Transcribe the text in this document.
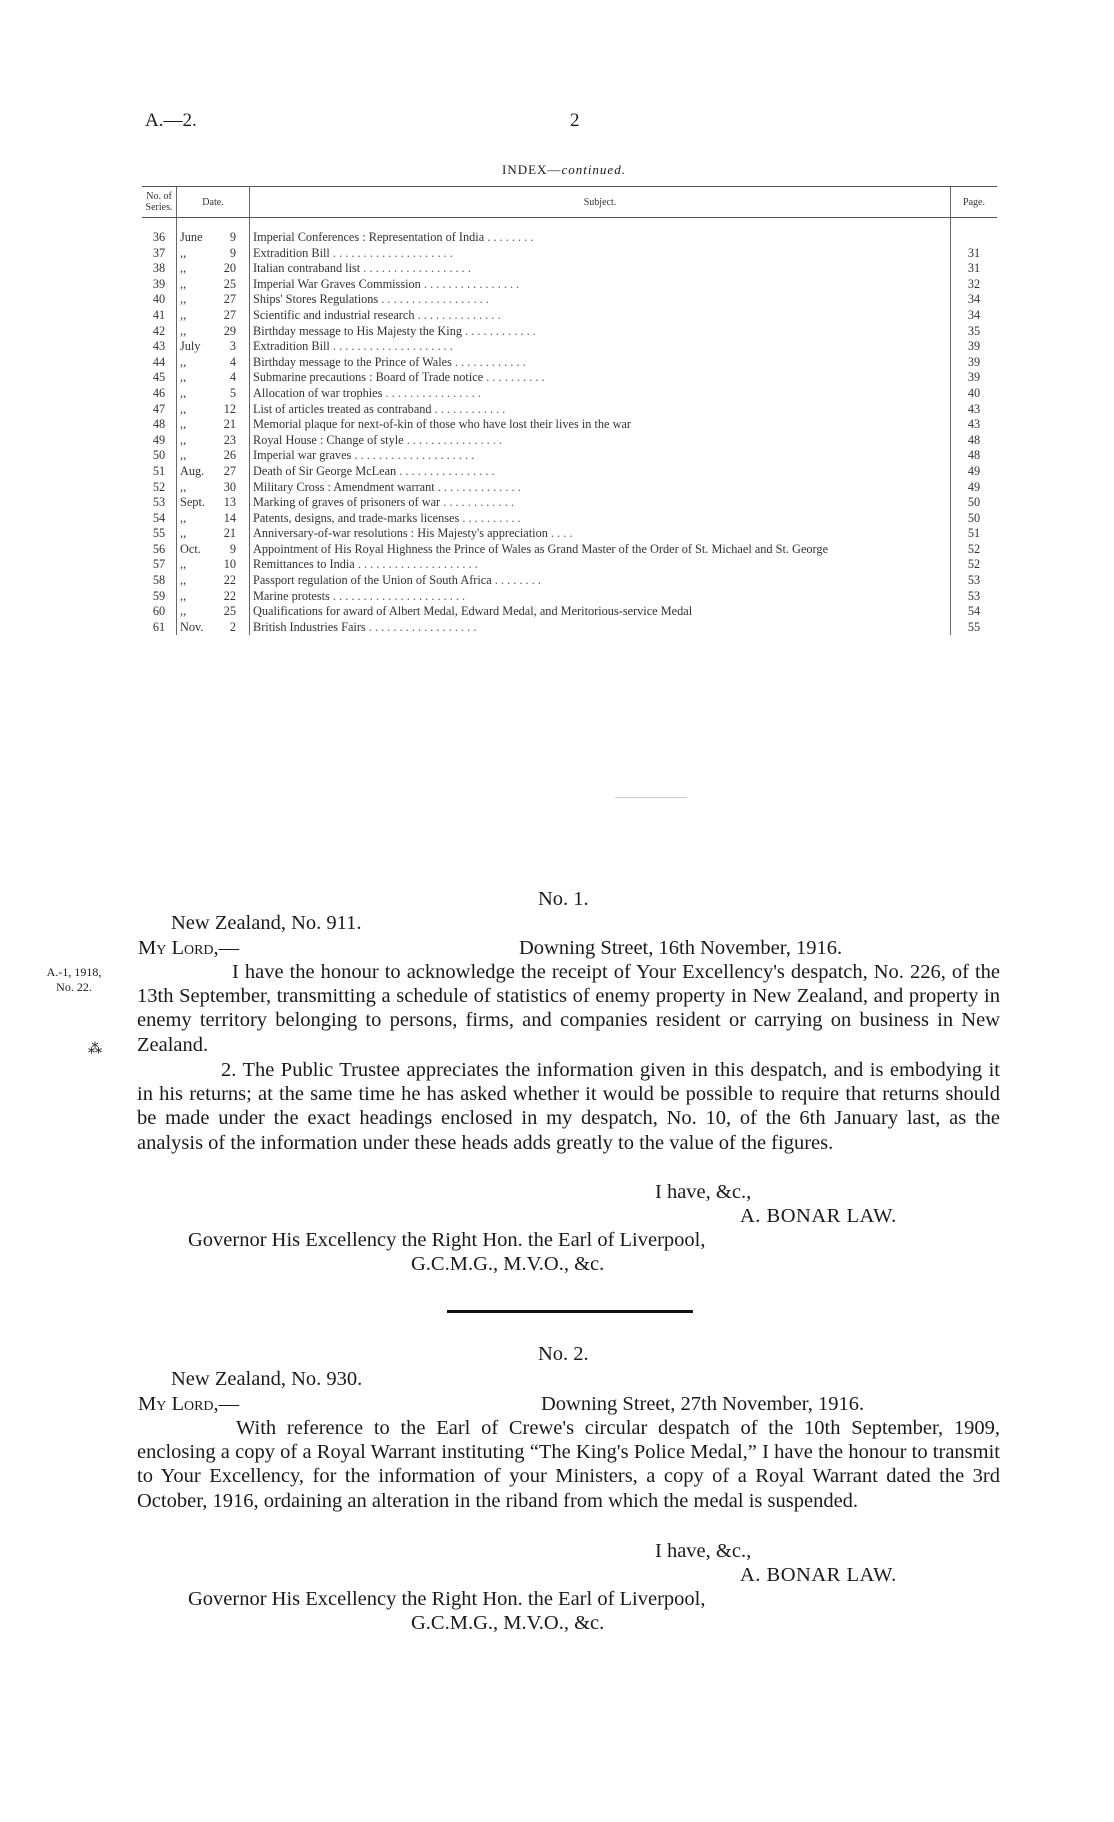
A.—2.	2
INDEX—continued.
No. of Series.	Date.	Subject.	Page.
36	June 9	Imperial Conferences : Representation of India . . . . . . . .	
37	,, 9	Extradition Bill . . . . . . . . . . . . . . . . . . . .	31
38	,, 20	Italian contraband list . . . . . . . . . . . . . . . . . .	31
39	,, 25	Imperial War Graves Commission . . . . . . . . . . . . . . . .	32
40	,, 27	Ships' Stores Regulations . . . . . . . . . . . . . . . . . .	34
41	,, 27	Scientific and industrial research . . . . . . . . . . . . . .	34
42	,, 29	Birthday message to His Majesty the King . . . . . . . . . . . .	35
43	July 3	Extradition Bill . . . . . . . . . . . . . . . . . . . .	39
44	,, 4	Birthday message to the Prince of Wales . . . . . . . . . . . .	39
45	,, 4	Submarine precautions : Board of Trade notice . . . . . . . . . .	39
46	,, 5	Allocation of war trophies . . . . . . . . . . . . . . . .	40
47	,, 12	List of articles treated as contraband . . . . . . . . . . . .	43
48	,, 21	Memorial plaque for next-of-kin of those who have lost their lives in the war	43
49	,, 23	Royal House : Change of style . . . . . . . . . . . . . . . .	48
50	,, 26	Imperial war graves . . . . . . . . . . . . . . . . . . . .	48
51	Aug. 27	Death of Sir George McLean . . . . . . . . . . . . . . . .	49
52	,, 30	Military Cross : Amendment warrant . . . . . . . . . . . . . .	49
53	Sept. 13	Marking of graves of prisoners of war . . . . . . . . . . . .	50
54	,, 14	Patents, designs, and trade-marks licenses . . . . . . . . . .	50
55	,, 21	Anniversary-of-war resolutions : His Majesty's appreciation . . . .	51
56	Oct. 9	Appointment of His Royal Highness the Prince of Wales as Grand Master of the Order of St. Michael and St. George	52
57	,, 10	Remittances to India . . . . . . . . . . . . . . . . . . . .	52
58	,, 22	Passport regulation of the Union of South Africa . . . . . . . .	53
59	,, 22	Marine protests . . . . . . . . . . . . . . . . . . . . . .	53
60	,, 25	Qualifications for award of Albert Medal, Edward Medal, and Meritorious-service Medal	54
61	Nov. 2	British Industries Fairs . . . . . . . . . . . . . . . . . .	55
No. 1.
New Zealand, No. 911.
My Lord,—	Downing Street, 16th November, 1916.
A.-1, 1918,
No. 22.
⁂
I have the honour to acknowledge the receipt of Your Excellency's despatch, No. 226, of the 13th September, transmitting a schedule of statistics of enemy property in New Zealand, and property in enemy territory belonging to persons, firms, and companies resident or carrying on business in New Zealand.
2. The Public Trustee appreciates the information given in this despatch, and is embodying it in his returns; at the same time he has asked whether it would be possible to require that returns should be made under the exact headings enclosed in my despatch, No. 10, of the 6th January last, as the analysis of the information under these heads adds greatly to the value of the figures.
I have, &c.,
A. BONAR LAW.
Governor His Excellency the Right Hon. the Earl of Liverpool,
G.C.M.G., M.V.O., &c.
No. 2.
New Zealand, No. 930.
My Lord,—	Downing Street, 27th November, 1916.
With reference to the Earl of Crewe's circular despatch of the 10th September, 1909, enclosing a copy of a Royal Warrant instituting “The King's Police Medal,” I have the honour to transmit to Your Excellency, for the information of your Ministers, a copy of a Royal Warrant dated the 3rd October, 1916, ordaining an alteration in the riband from which the medal is suspended.
I have, &c.,
A. BONAR LAW.
Governor His Excellency the Right Hon. the Earl of Liverpool,
G.C.M.G., M.V.O., &c.
